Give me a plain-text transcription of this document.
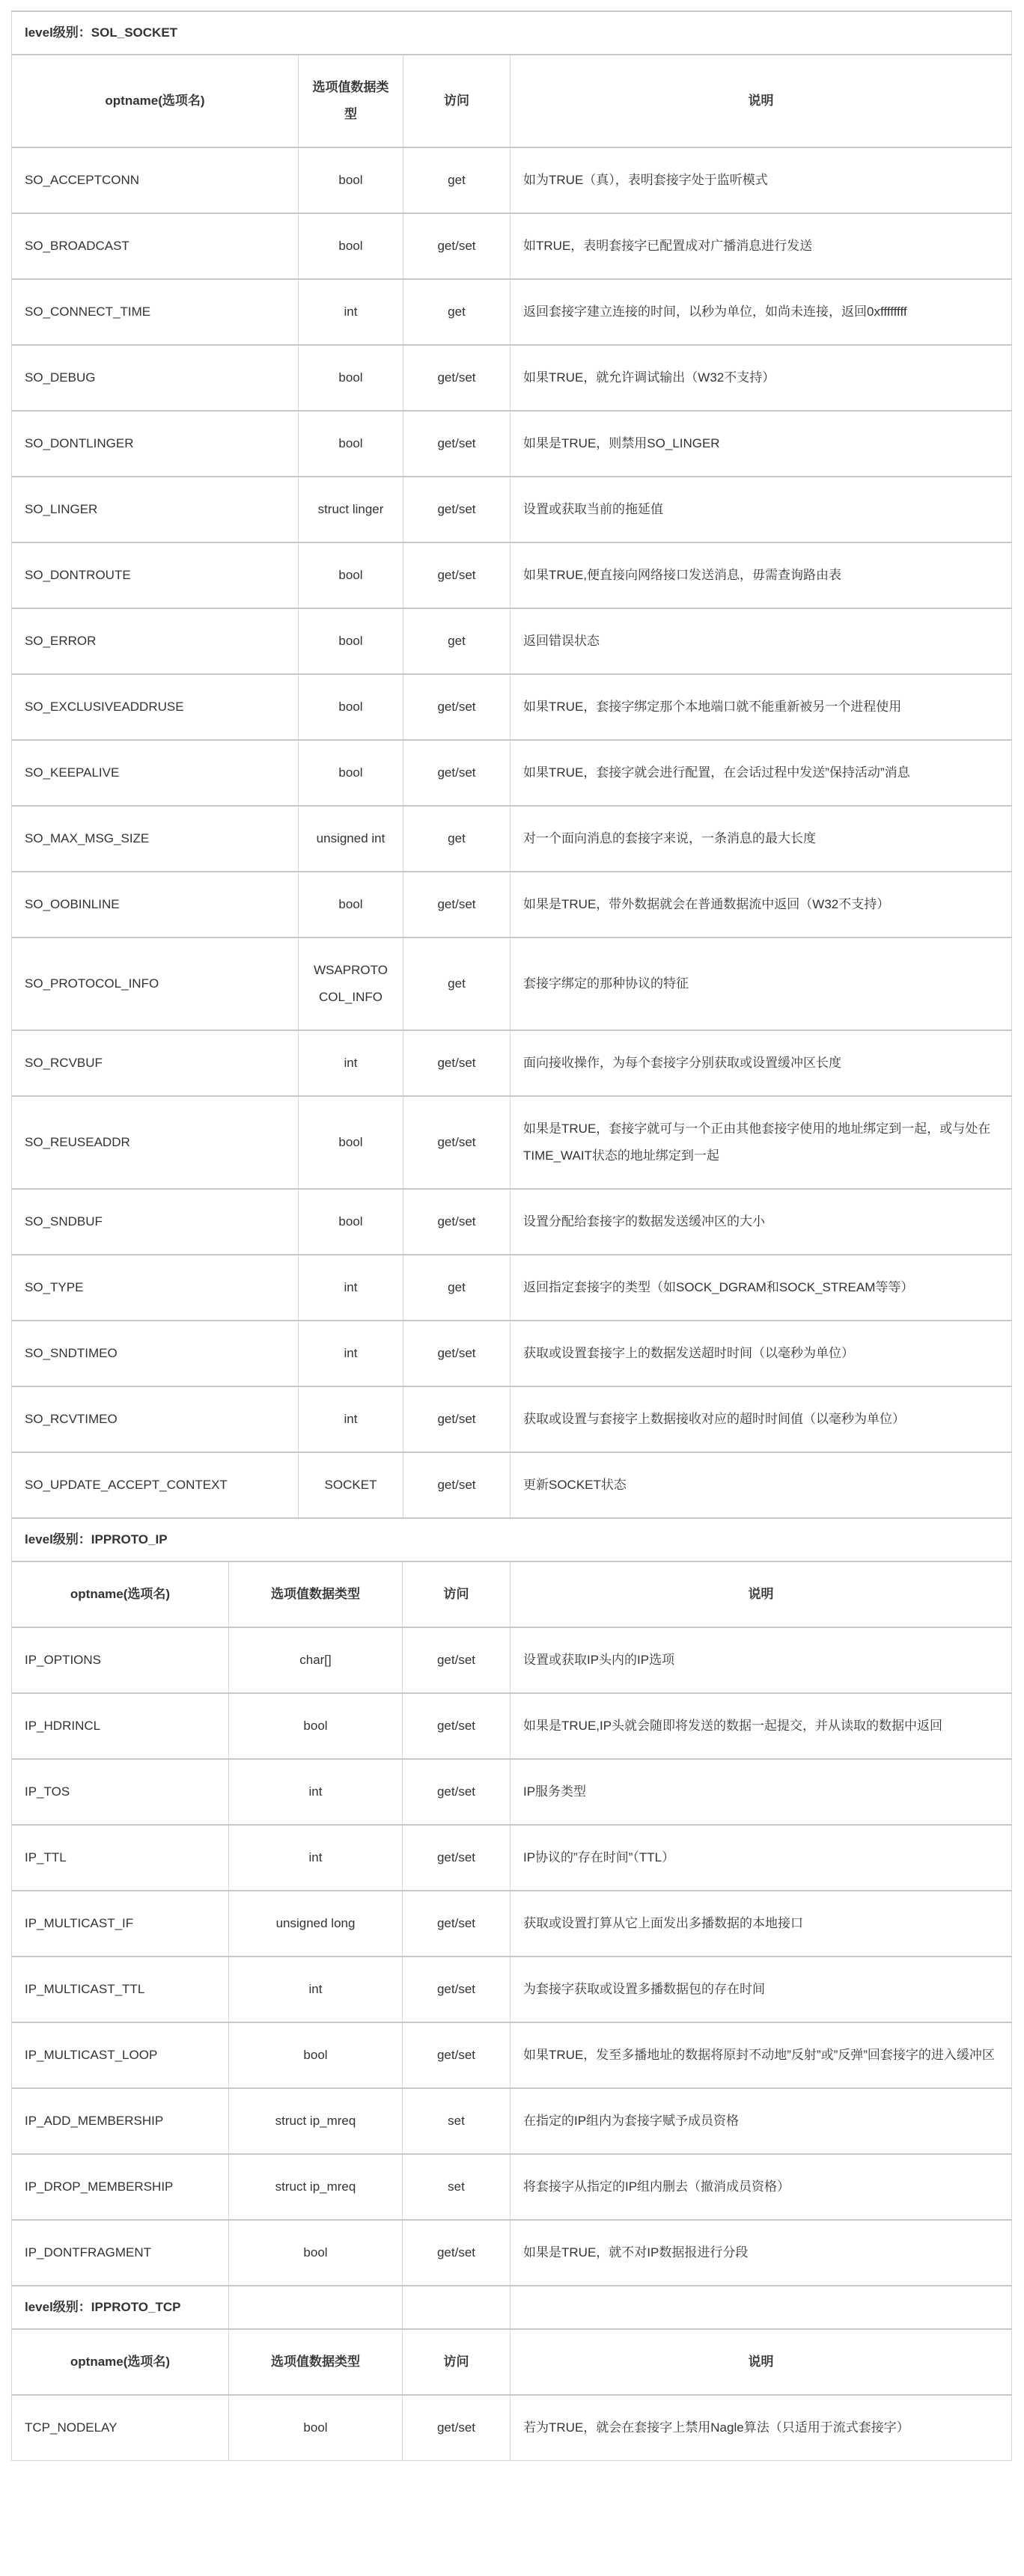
level级别：SOL_SOCKET			
optname(选项名)	选项值数据类型	访问	说明
SO_ACCEPTCONN	bool	get	如为TRUE（真），表明套接字处于监听模式
SO_BROADCAST	bool	get/set	如TRUE，表明套接字已配置成对广播消息进行发送
SO_CONNECT_TIME	int	get	返回套接字建立连接的时间，以秒为单位，如尚未连接，返回0xffffffff
SO_DEBUG	bool	get/set	如果TRUE，就允许调试输出（W32不支持）
SO_DONTLINGER	bool	get/set	如果是TRUE，则禁用SO_LINGER
SO_LINGER	struct linger	get/set	设置或获取当前的拖延值
SO_DONTROUTE	bool	get/set	如果TRUE,便直接向网络接口发送消息，毋需查询路由表
SO_ERROR	bool	get	返回错误状态
SO_EXCLUSIVEADDRUSE	bool	get/set	如果TRUE，套接字绑定那个本地端口就不能重新被另一个进程使用
SO_KEEPALIVE	bool	get/set	如果TRUE，套接字就会进行配置，在会话过程中发送”保持活动”消息
SO_MAX_MSG_SIZE	unsigned int	get	对一个面向消息的套接字来说，一条消息的最大长度
SO_OOBINLINE	bool	get/set	如果是TRUE，带外数据就会在普通数据流中返回（W32不支持）
SO_PROTOCOL_INFO	WSAPROTOCOL_INFO	get	套接字绑定的那种协议的特征
SO_RCVBUF	int	get/set	面向接收操作，为每个套接字分别获取或设置缓冲区长度
SO_REUSEADDR	bool	get/set	如果是TRUE，套接字就可与一个正由其他套接字使用的地址绑定到一起，或与处在TIME_WAIT状态的地址绑定到一起
SO_SNDBUF	bool	get/set	设置分配给套接字的数据发送缓冲区的大小
SO_TYPE	int	get	返回指定套接字的类型（如SOCK_DGRAM和SOCK_STREAM等等）
SO_SNDTIMEO	int	get/set	获取或设置套接字上的数据发送超时时间（以毫秒为单位）
SO_RCVTIMEO	int	get/set	获取或设置与套接字上数据接收对应的超时时间值（以毫秒为单位）
SO_UPDATE_ACCEPT_CONTEXT	SOCKET	get/set	更新SOCKET状态
level级别：IPPROTO_IP			
optname(选项名)	选项值数据类型	访问	说明
IP_OPTIONS	char[]	get/set	设置或获取IP头内的IP选项
IP_HDRINCL	bool	get/set	如果是TRUE,IP头就会随即将发送的数据一起提交，并从读取的数据中返回
IP_TOS	int	get/set	IP服务类型
IP_TTL	int	get/set	IP协议的”存在时间”（TTL）
IP_MULTICAST_IF	unsigned long	get/set	获取或设置打算从它上面发出多播数据的本地接口
IP_MULTICAST_TTL	int	get/set	为套接字获取或设置多播数据包的存在时间
IP_MULTICAST_LOOP	bool	get/set	如果TRUE，发至多播地址的数据将原封不动地”反射”或”反弹”回套接字的进入缓冲区
IP_ADD_MEMBERSHIP	struct ip_mreq	set	在指定的IP组内为套接字赋予成员资格
IP_DROP_MEMBERSHIP	struct ip_mreq	set	将套接字从指定的IP组内删去（撤消成员资格）
IP_DONTFRAGMENT	bool	get/set	如果是TRUE，就不对IP数据报进行分段
level级别：IPPROTO_TCP			
optname(选项名)	选项值数据类型	访问	说明
TCP_NODELAY	bool	get/set	若为TRUE，就会在套接字上禁用Nagle算法（只适用于流式套接字）
